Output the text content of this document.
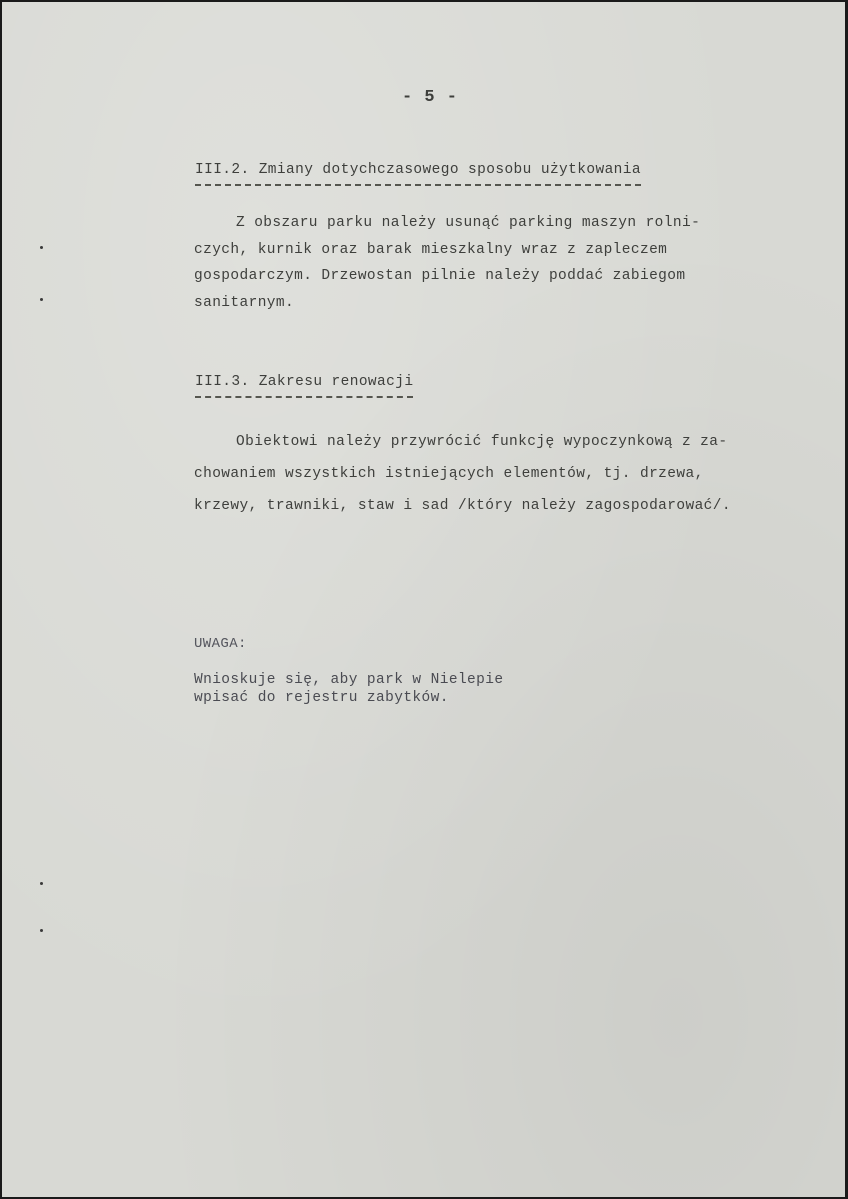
- 5 -
III.2. Zmiany dotychczasowego sposobu użytkowania
Z obszaru parku należy usunąć parking maszyn rolni-
czych, kurnik oraz barak mieszkalny wraz z zapleczem
gospodarczym. Drzewostan pilnie należy poddać zabiegom
sanitarnym.
III.3. Zakresu renowacji
Obiektowi należy przywrócić funkcję wypoczynkową z za-
chowaniem wszystkich istniejących elementów, tj. drzewa,
krzewy, trawniki, staw i sad /który należy zagospodarować/.
UWAGA:
Wnioskuje się, aby park w Nielepie
wpisać do rejestru zabytków.
